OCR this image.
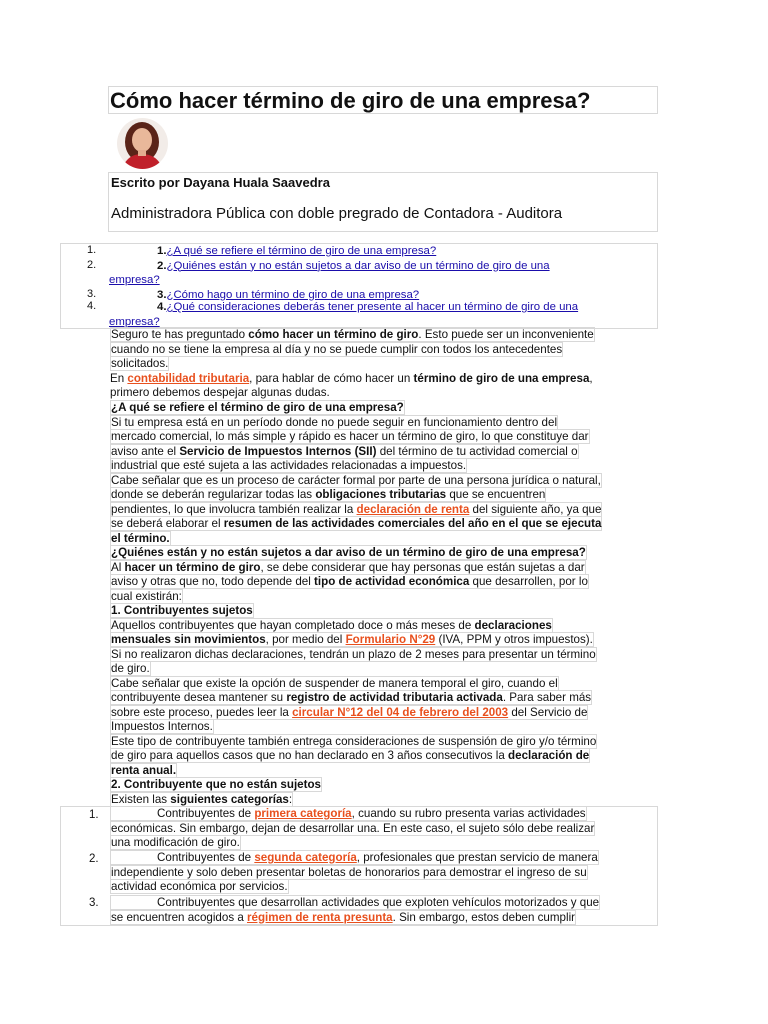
Cómo hacer término de giro de una empresa?
Escrito por Dayana Huala Saavedra
Administradora Pública con doble pregrado de Contadora - Auditora
1.	1.¿A qué se refiere el término de giro de una empresa?
2.	2.¿Quiénes están y no están sujetos a dar aviso de un término de giro de una
empresa?
3.	3.¿Cómo hago un término de giro de una empresa?
4.	4.¿Qué consideraciones deberás tener presente al hacer un término de giro de una
empresa?
Seguro te has preguntado cómo hacer un término de giro. Esto puede ser un inconveniente
cuando no se tiene la empresa al día y no se puede cumplir con todos los antecedentes
solicitados.
En contabilidad tributaria, para hablar de cómo hacer un término de giro de una empresa,
primero debemos despejar algunas dudas.
¿A qué se refiere el término de giro de una empresa?
Si tu empresa está en un período donde no puede seguir en funcionamiento dentro del
mercado comercial, lo más simple y rápido es hacer un término de giro, lo que constituye dar
aviso ante el Servicio de Impuestos Internos (SII) del término de tu actividad comercial o
industrial que esté sujeta a las actividades relacionadas a impuestos.
Cabe señalar que es un proceso de carácter formal por parte de una persona jurídica o natural,
donde se deberán regularizar todas las obligaciones tributarias que se encuentren
pendientes, lo que involucra también realizar la declaración de renta del siguiente año, ya que
se deberá elaborar el resumen de las actividades comerciales del año en el que se ejecuta
el término.
¿Quiénes están y no están sujetos a dar aviso de un término de giro de una empresa?
Al hacer un término de giro, se debe considerar que hay personas que están sujetas a dar
aviso y otras que no, todo depende del tipo de actividad económica que desarrollen, por lo
cual existirán:
1. Contribuyentes sujetos
Aquellos contribuyentes que hayan completado doce o más meses de declaraciones
mensuales sin movimientos, por medio del Formulario N°29 (IVA, PPM y otros impuestos).
Si no realizaron dichas declaraciones, tendrán un plazo de 2 meses para presentar un término
de giro.
Cabe señalar que existe la opción de suspender de manera temporal el giro, cuando el
contribuyente desea mantener su registro de actividad tributaria activada. Para saber más
sobre este proceso, puedes leer la circular N°12 del 04 de febrero del 2003 del Servicio de
Impuestos Internos.
Este tipo de contribuyente también entrega consideraciones de suspensión de giro y/o término
de giro para aquellos casos que no han declarado en 3 años consecutivos la declaración de
renta anual.
2. Contribuyente que no están sujetos
Existen las siguientes categorías:
1.
2.
3.
Contribuyentes de primera categoría, cuando su rubro presenta varias actividades
económicas. Sin embargo, dejan de desarrollar una. En este caso, el sujeto sólo debe realizar
una modificación de giro.
Contribuyentes de segunda categoría, profesionales que prestan servicio de manera
independiente y solo deben presentar boletas de honorarios para demostrar el ingreso de su
actividad económica por servicios.
Contribuyentes que desarrollan actividades que exploten vehículos motorizados y que
se encuentren acogidos a régimen de renta presunta. Sin embargo, estos deben cumplir
